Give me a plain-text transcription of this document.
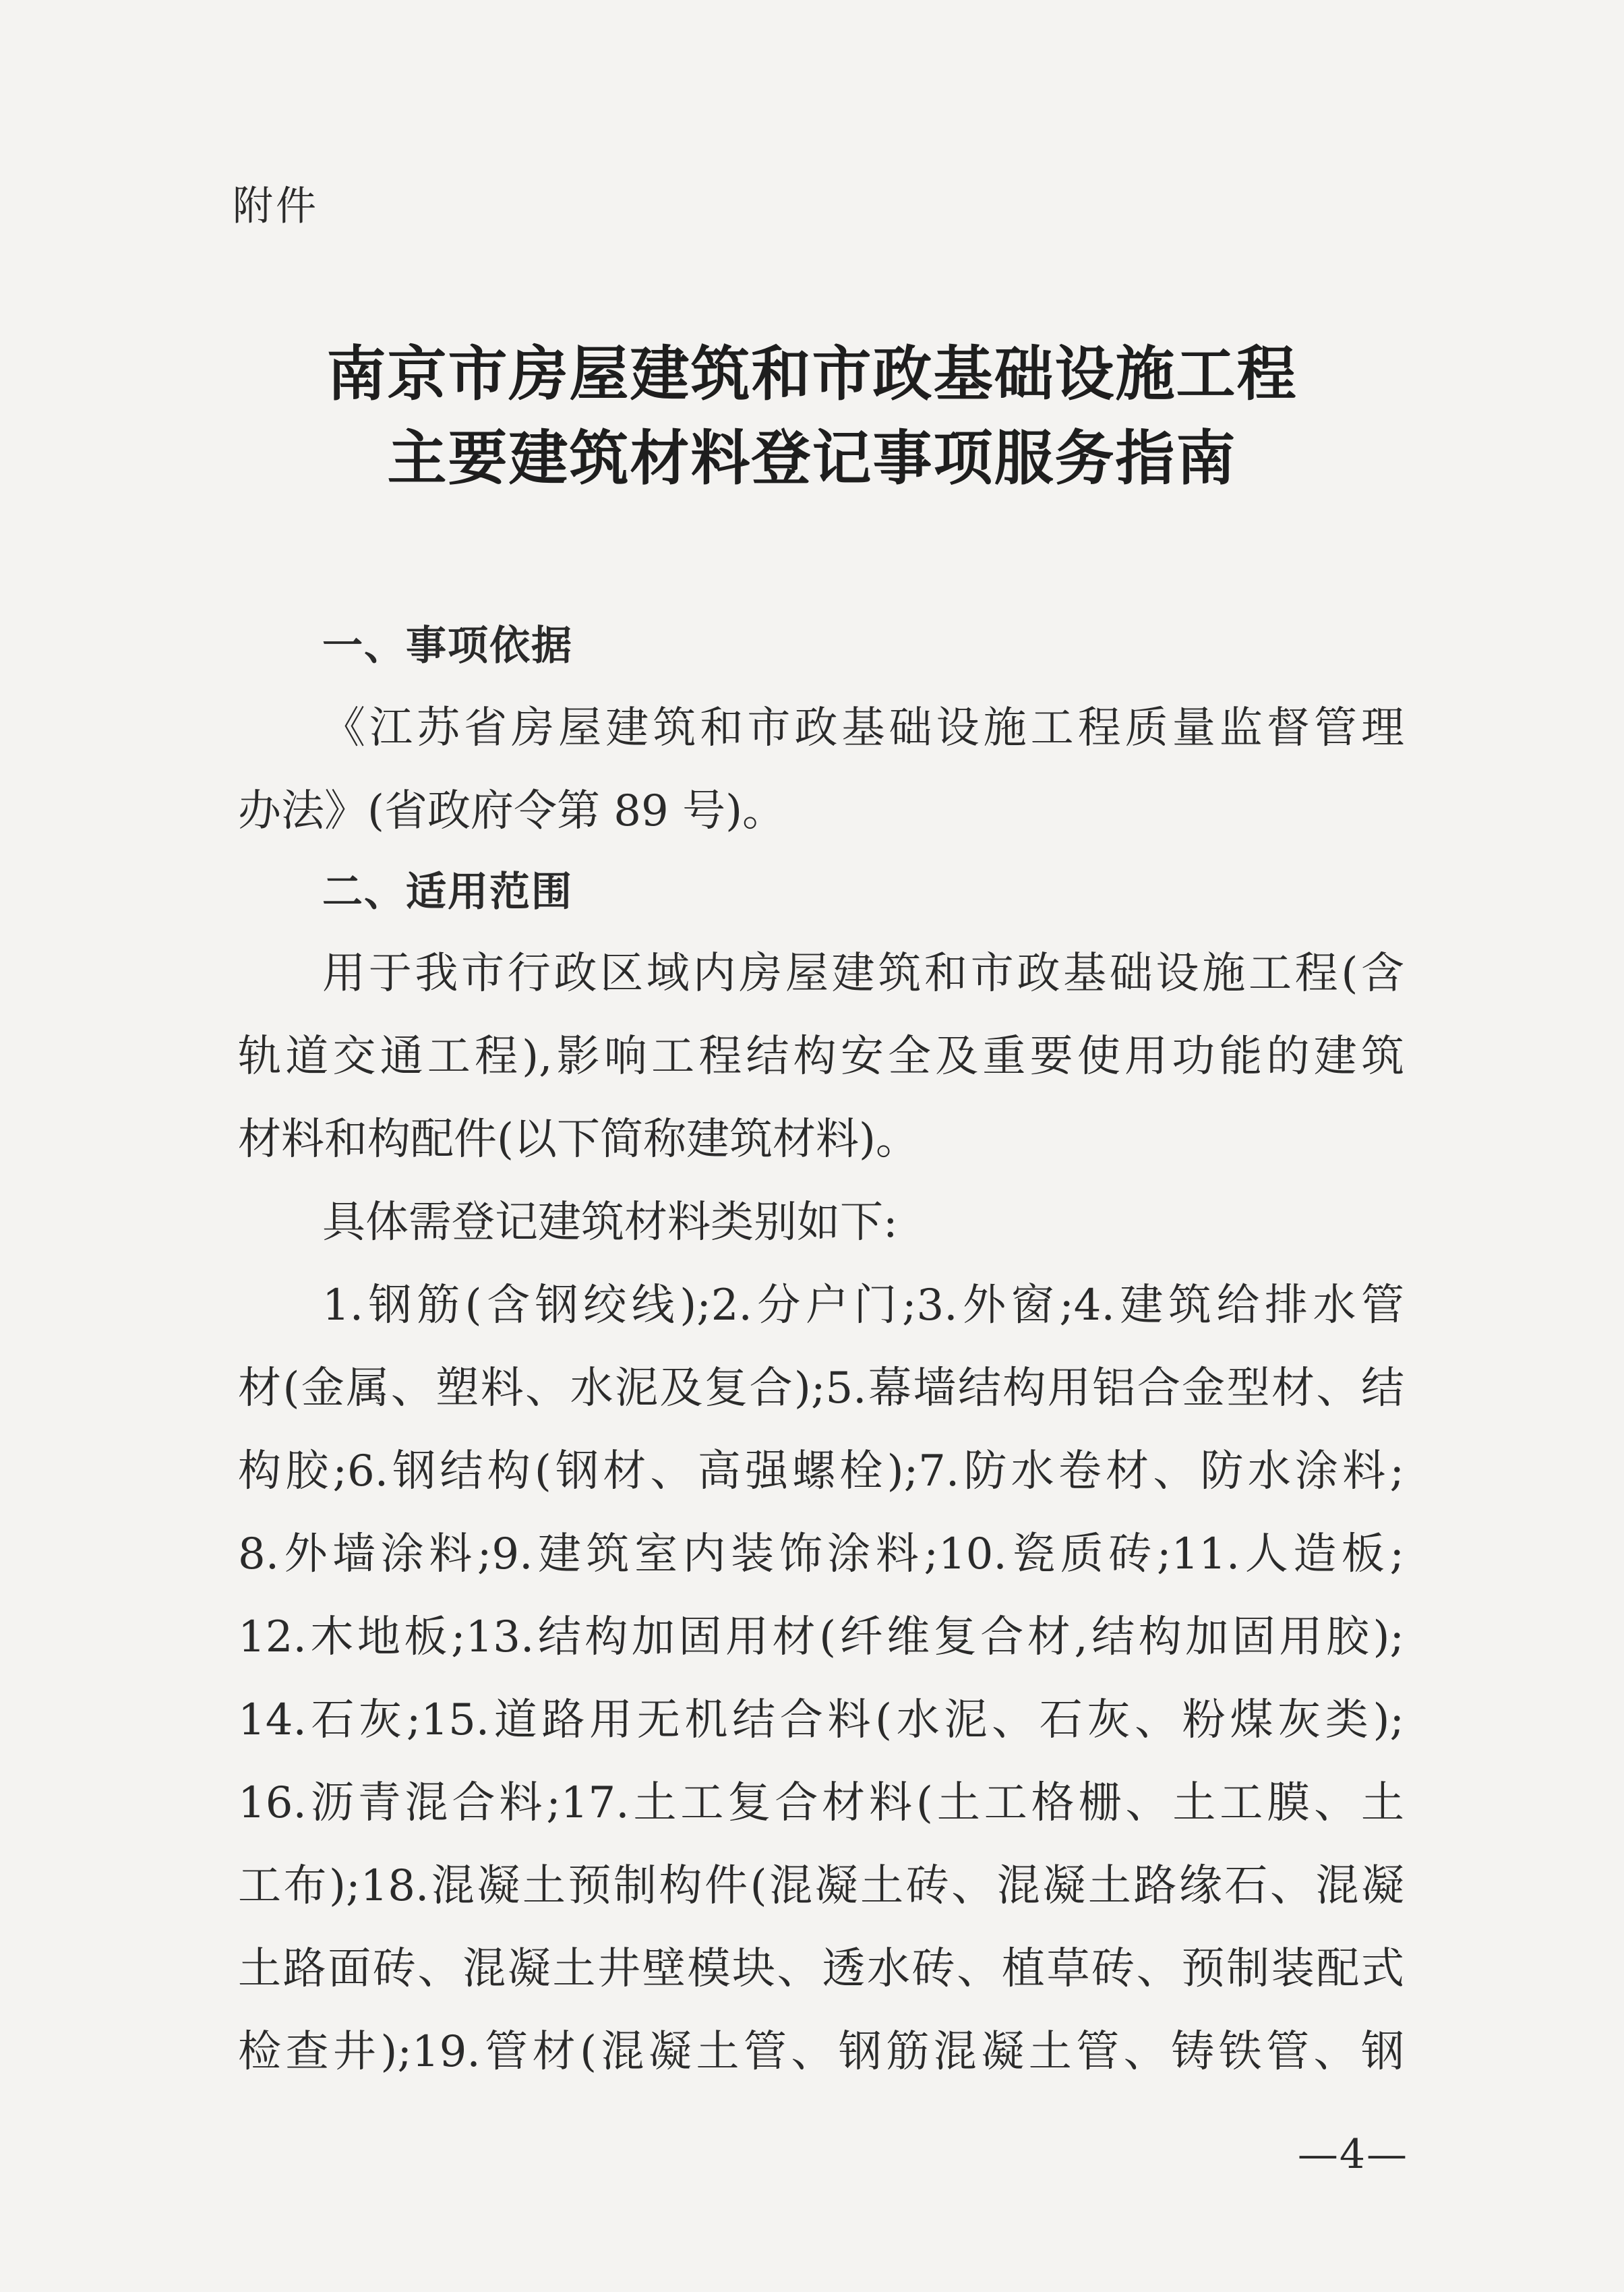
附件
南京市房屋建筑和市政基础设施工程
主要建筑材料登记事项服务指南
一、事项依据
《江苏省房屋建筑和市政基础设施工程质量监督管理
办法》(省政府令第 89 号)。
二、适用范围
用于我市行政区域内房屋建筑和市政基础设施工程(含
轨道交通工程),影响工程结构安全及重要使用功能的建筑
材料和构配件(以下简称建筑材料)。
具体需登记建筑材料类别如下:
1.钢筋(含钢绞线);2.分户门;3.外窗;4.建筑给排水管
材(金属、塑料、水泥及复合);5.幕墙结构用铝合金型材、结
构胶;6.钢结构(钢材、高强螺栓);7.防水卷材、防水涂料;
8.外墙涂料;9.建筑室内装饰涂料;10.瓷质砖;11.人造板;
12.木地板;13.结构加固用材(纤维复合材,结构加固用胶);
14.石灰;15.道路用无机结合料(水泥、石灰、粉煤灰类);
16.沥青混合料;17.土工复合材料(土工格栅、土工膜、土
工布);18.混凝土预制构件(混凝土砖、混凝土路缘石、混凝
土路面砖、混凝土井壁模块、透水砖、植草砖、预制装配式
检查井);19.管材(混凝土管、钢筋混凝土管、铸铁管、钢
—4—
